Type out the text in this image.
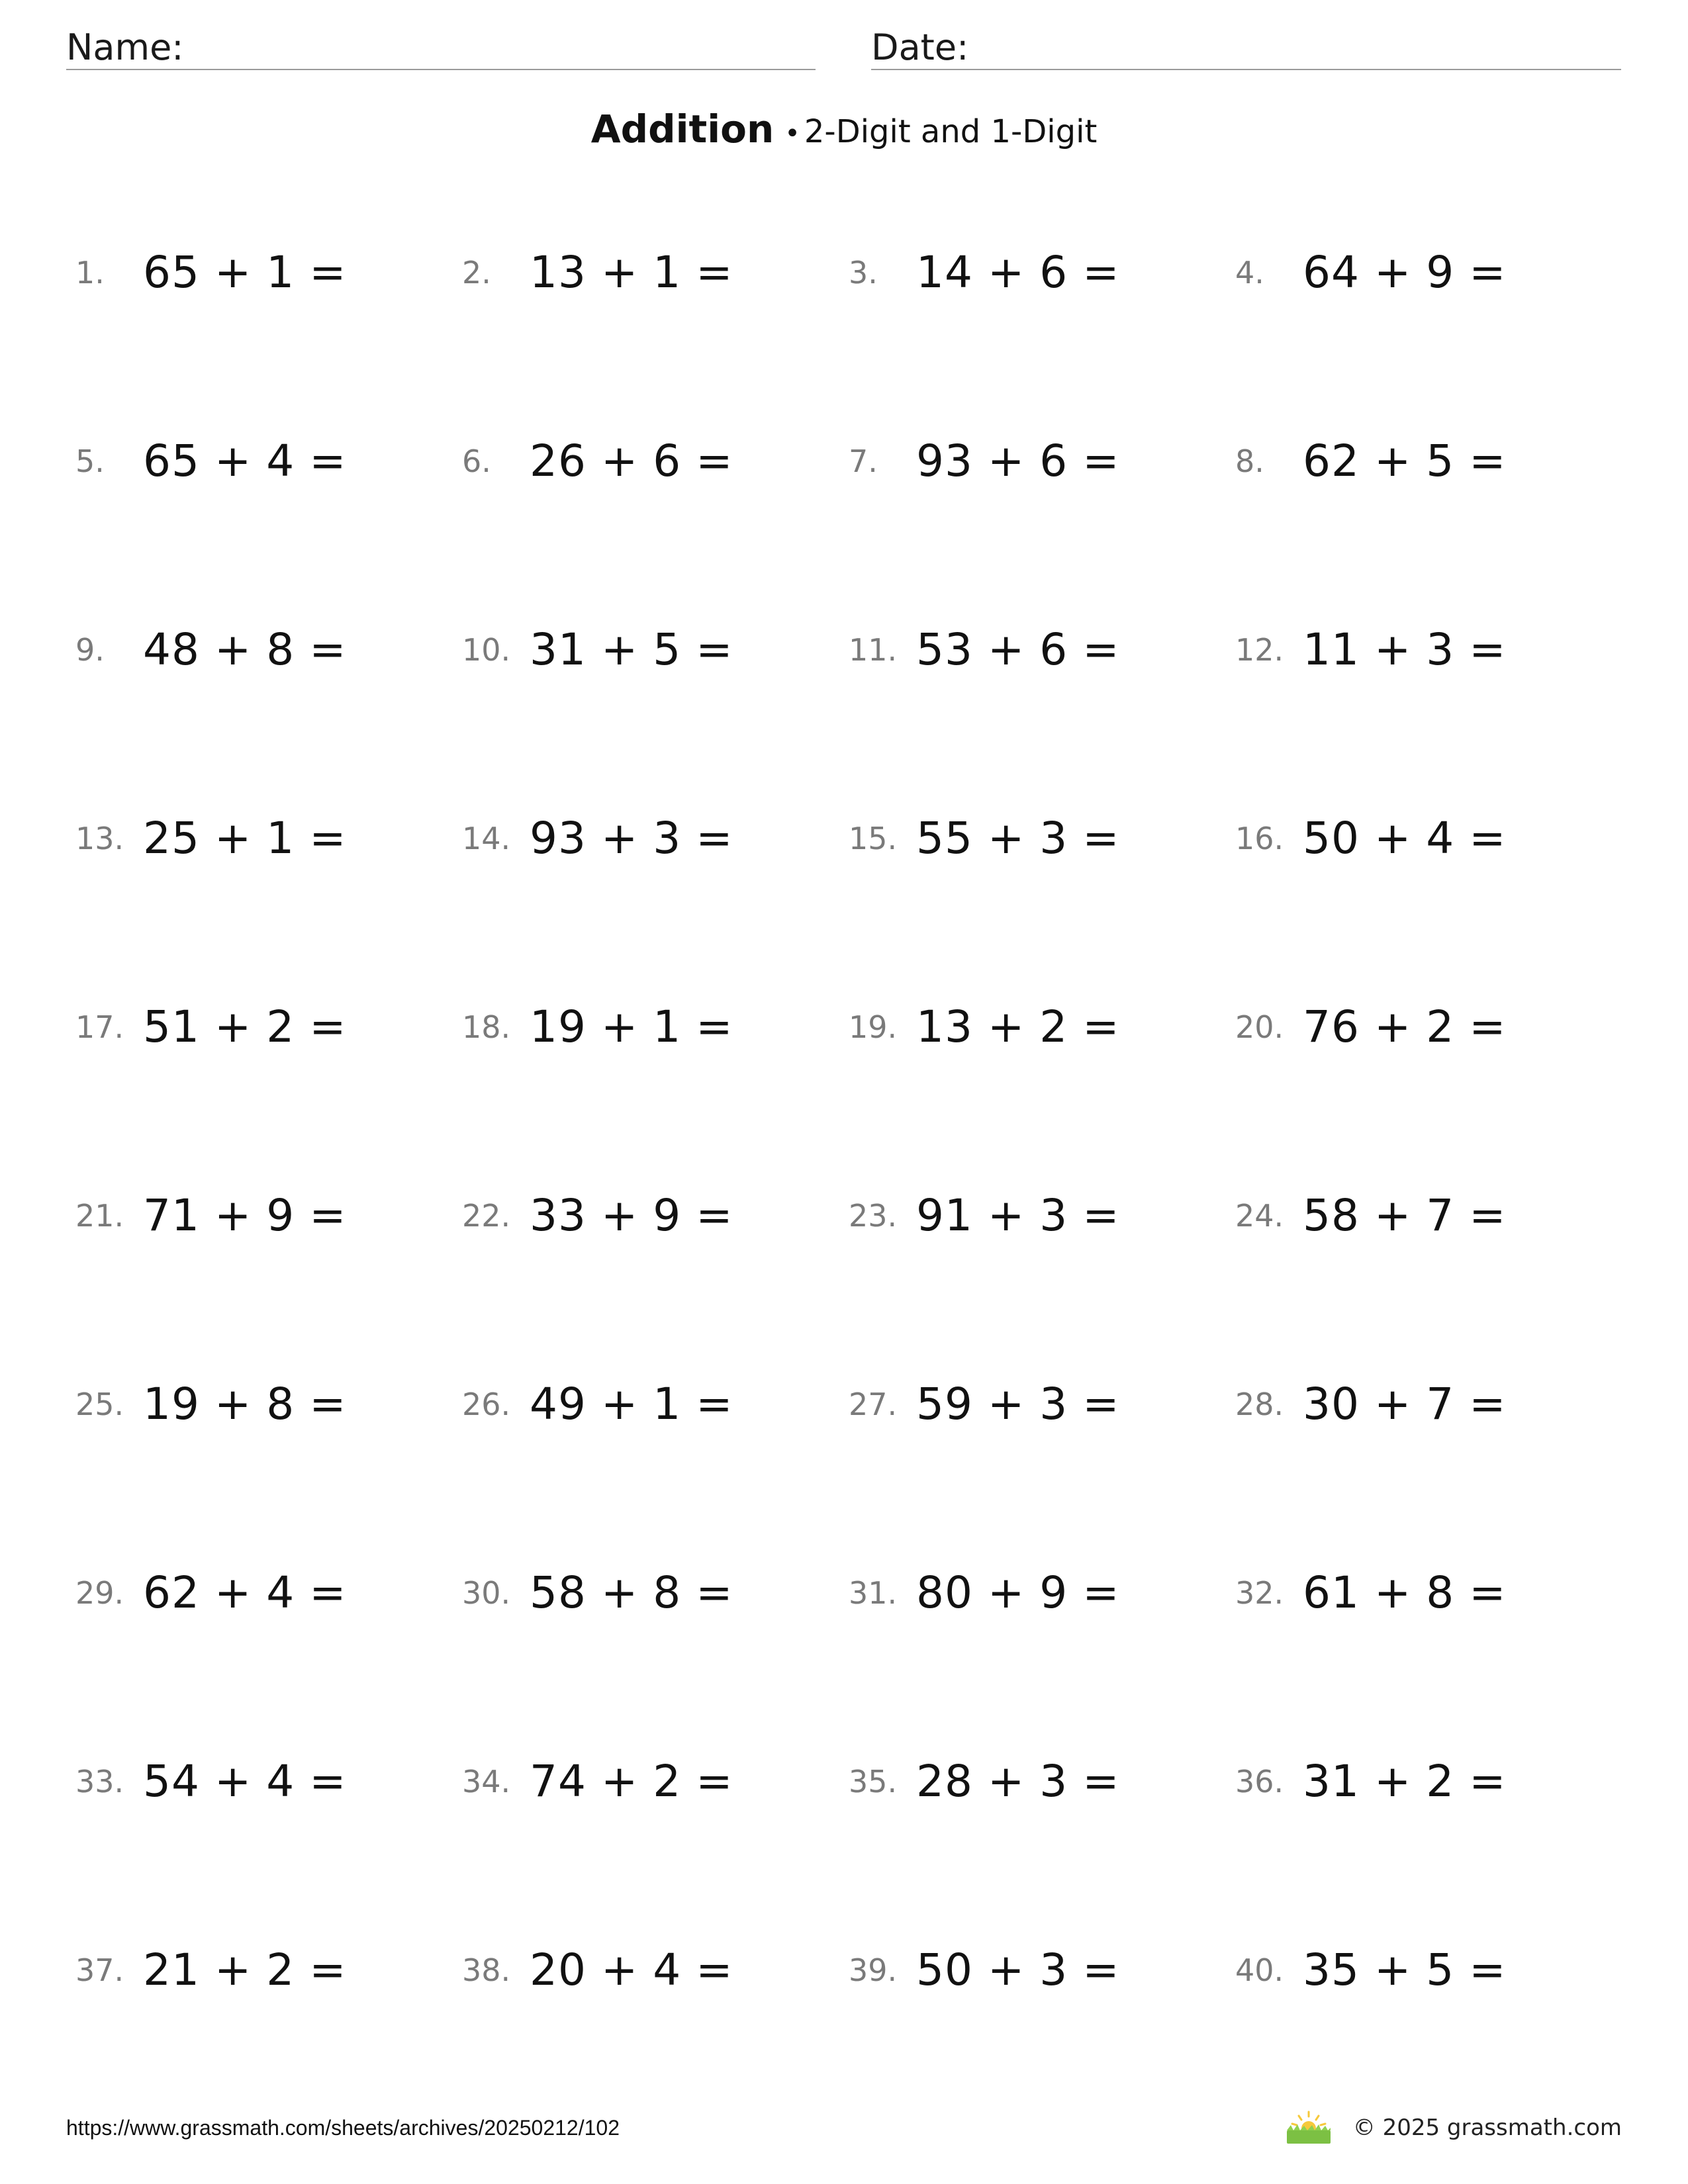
Name:	Date:
Addition • 2-Digit and 1-Digit
1. 65 + 1 =	2. 13 + 1 =	3. 14 + 6 =	4. 64 + 9 =
5. 65 + 4 =	6. 26 + 6 =	7. 93 + 6 =	8. 62 + 5 =
9. 48 + 8 =	10. 31 + 5 =	11. 53 + 6 =	12. 11 + 3 =
13. 25 + 1 =	14. 93 + 3 =	15. 55 + 3 =	16. 50 + 4 =
17. 51 + 2 =	18. 19 + 1 =	19. 13 + 2 =	20. 76 + 2 =
21. 71 + 9 =	22. 33 + 9 =	23. 91 + 3 =	24. 58 + 7 =
25. 19 + 8 =	26. 49 + 1 =	27. 59 + 3 =	28. 30 + 7 =
29. 62 + 4 =	30. 58 + 8 =	31. 80 + 9 =	32. 61 + 8 =
33. 54 + 4 =	34. 74 + 2 =	35. 28 + 3 =	36. 31 + 2 =
37. 21 + 2 =	38. 20 + 4 =	39. 50 + 3 =	40. 35 + 5 =
https://www.grassmath.com/sheets/archives/20250212/102	© 2025 grassmath.com
